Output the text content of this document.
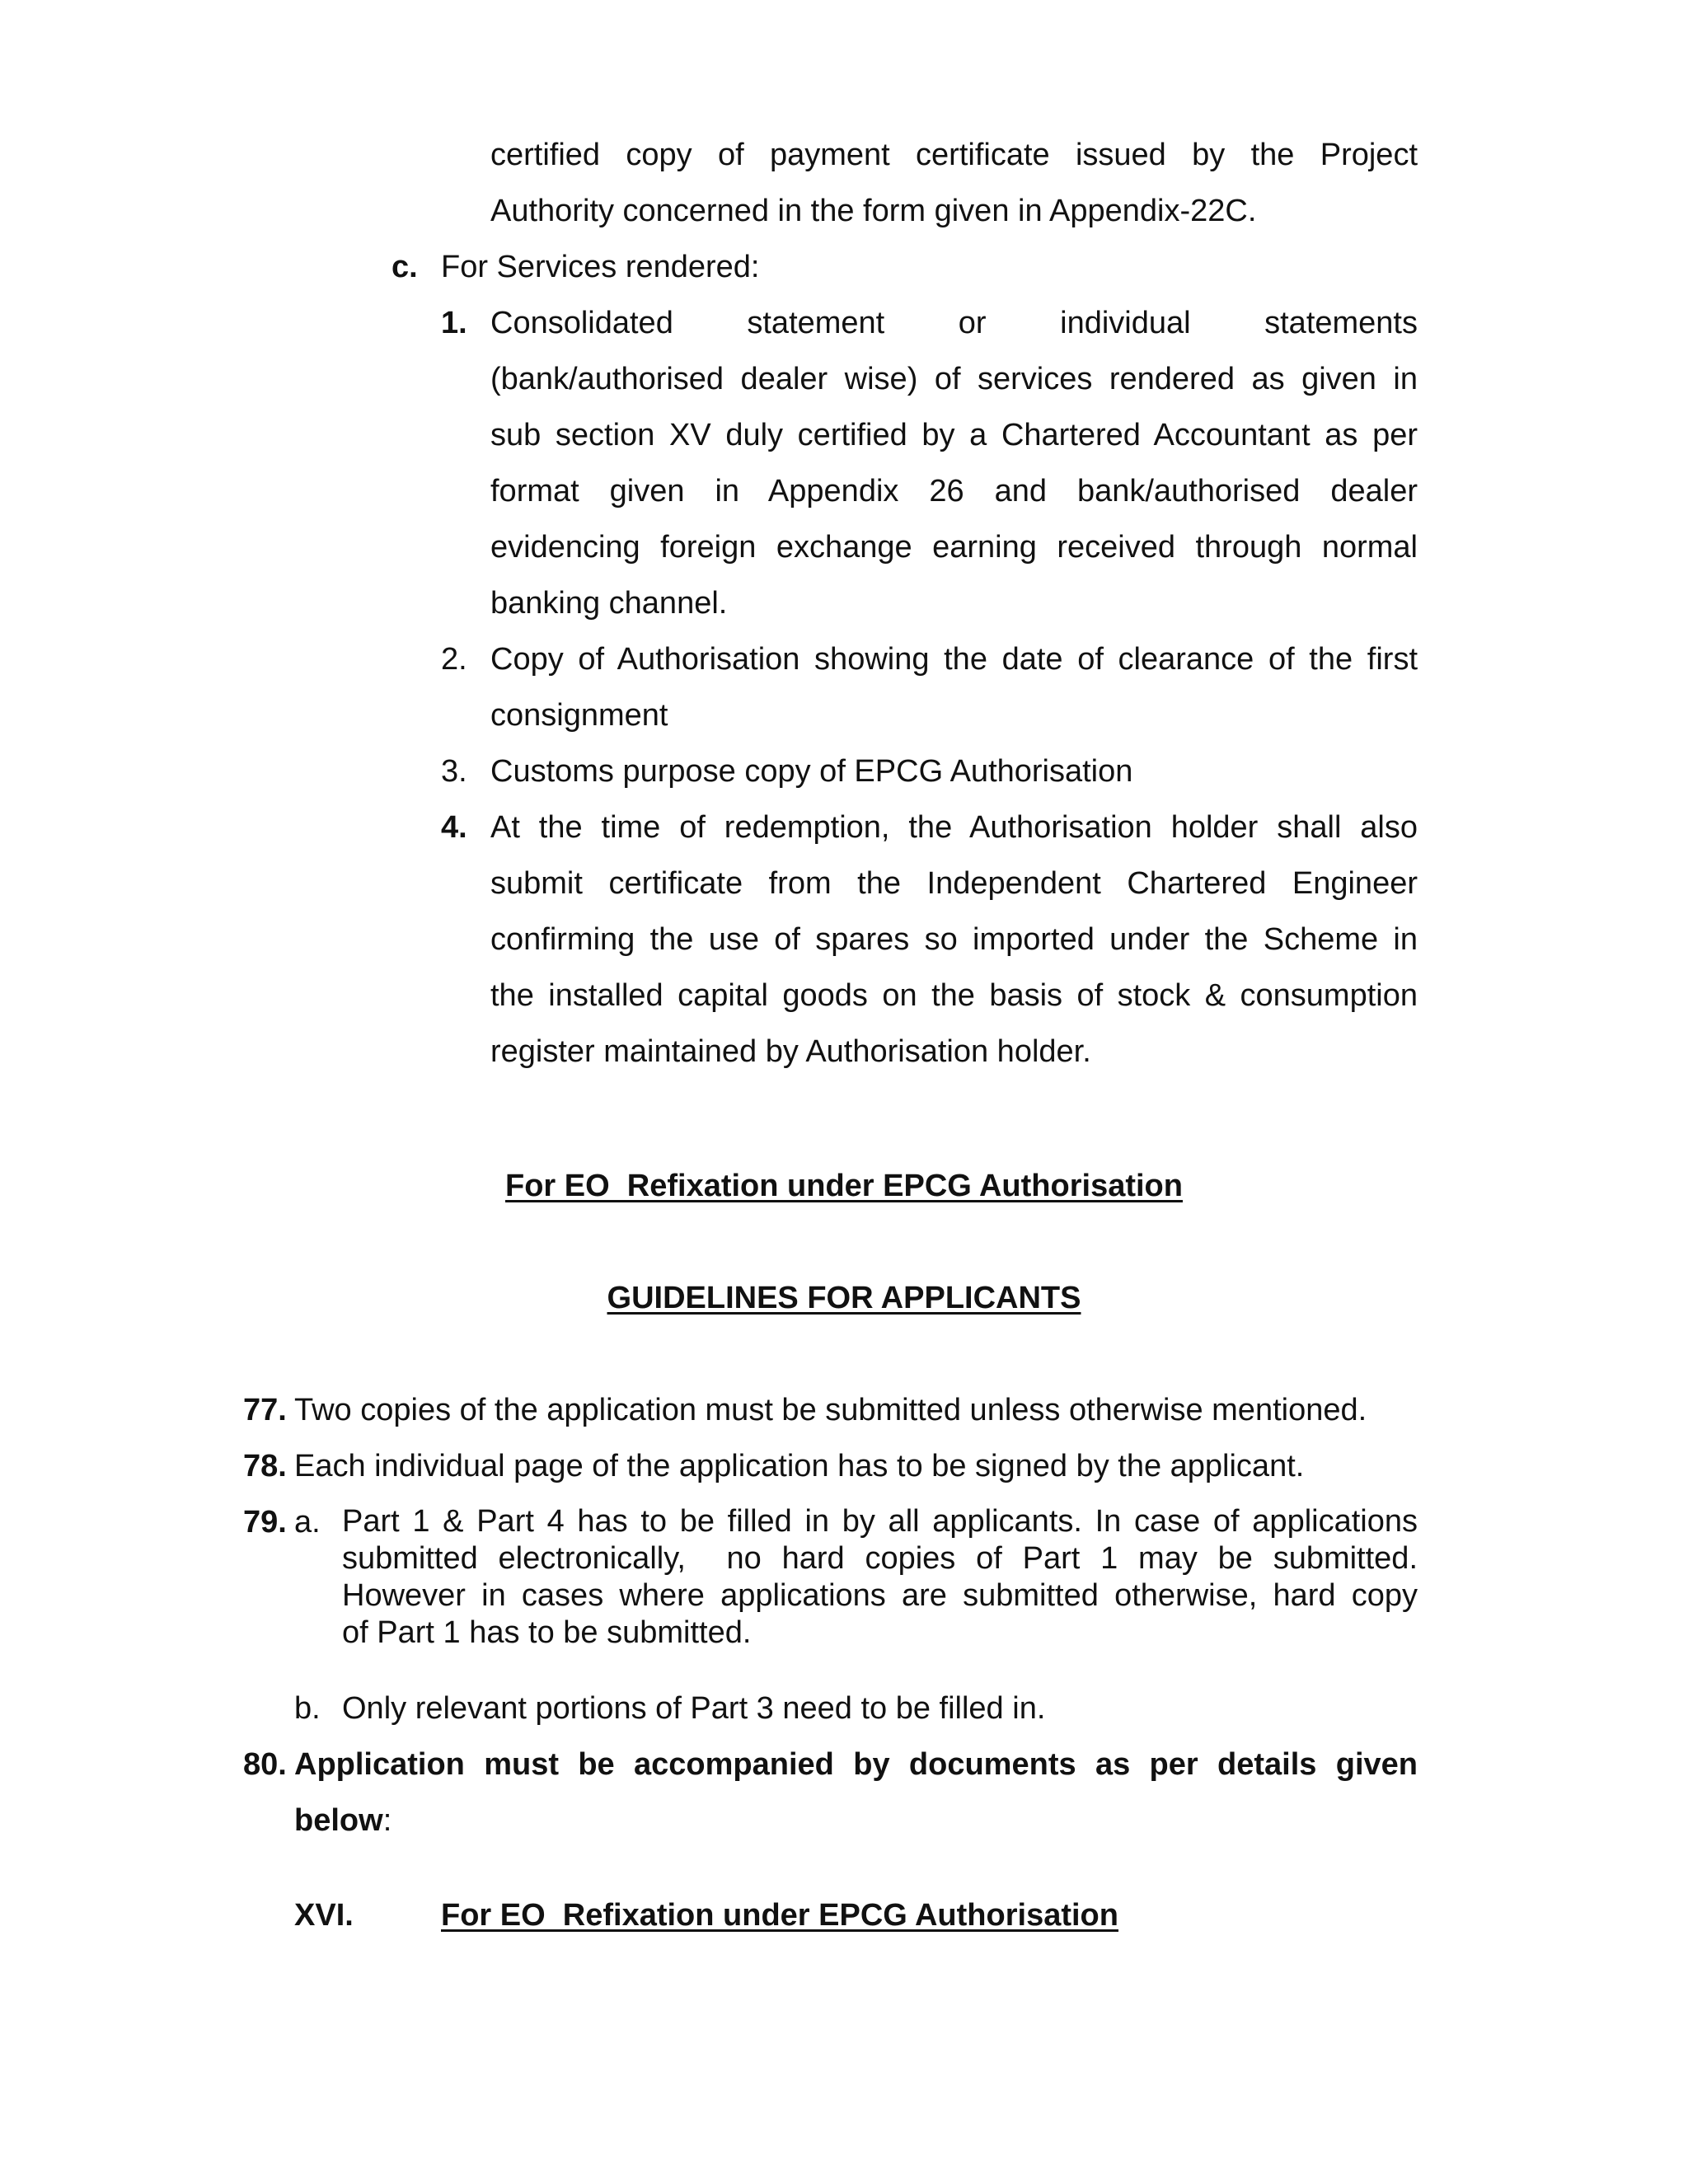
certified copy of payment certificate issued by the Project
Authority concerned in the form given in Appendix-22C.
c. For Services rendered:
1. Consolidated statement or individual statements
(bank/authorised dealer wise) of services rendered as given in
sub section XV duly certified by a Chartered Accountant as per
format given in Appendix 26 and bank/authorised dealer
evidencing foreign exchange earning received through normal
banking channel.
2. Copy of Authorisation showing the date of clearance of the first
consignment
3. Customs purpose copy of EPCG Authorisation
4. At the time of redemption, the Authorisation holder shall also
submit certificate from the Independent Chartered Engineer
confirming the use of spares so imported under the Scheme in
the installed capital goods on the basis of stock & consumption
register maintained by Authorisation holder.
For EO  Refixation under EPCG Authorisation
GUIDELINES FOR APPLICANTS
77. Two copies of the application must be submitted unless otherwise mentioned.
78. Each individual page of the application has to be signed by the applicant.
79. a. Part 1 & Part 4 has to be filled in by all applicants. In case of applications
submitted electronically,  no hard copies of Part 1 may be submitted.
However in cases where applications are submitted otherwise, hard copy
of Part 1 has to be submitted.
b. Only relevant portions of Part 3 need to be filled in.
80. Application must be accompanied by documents as per details given
below:
XVI.	For EO  Refixation under EPCG Authorisation
